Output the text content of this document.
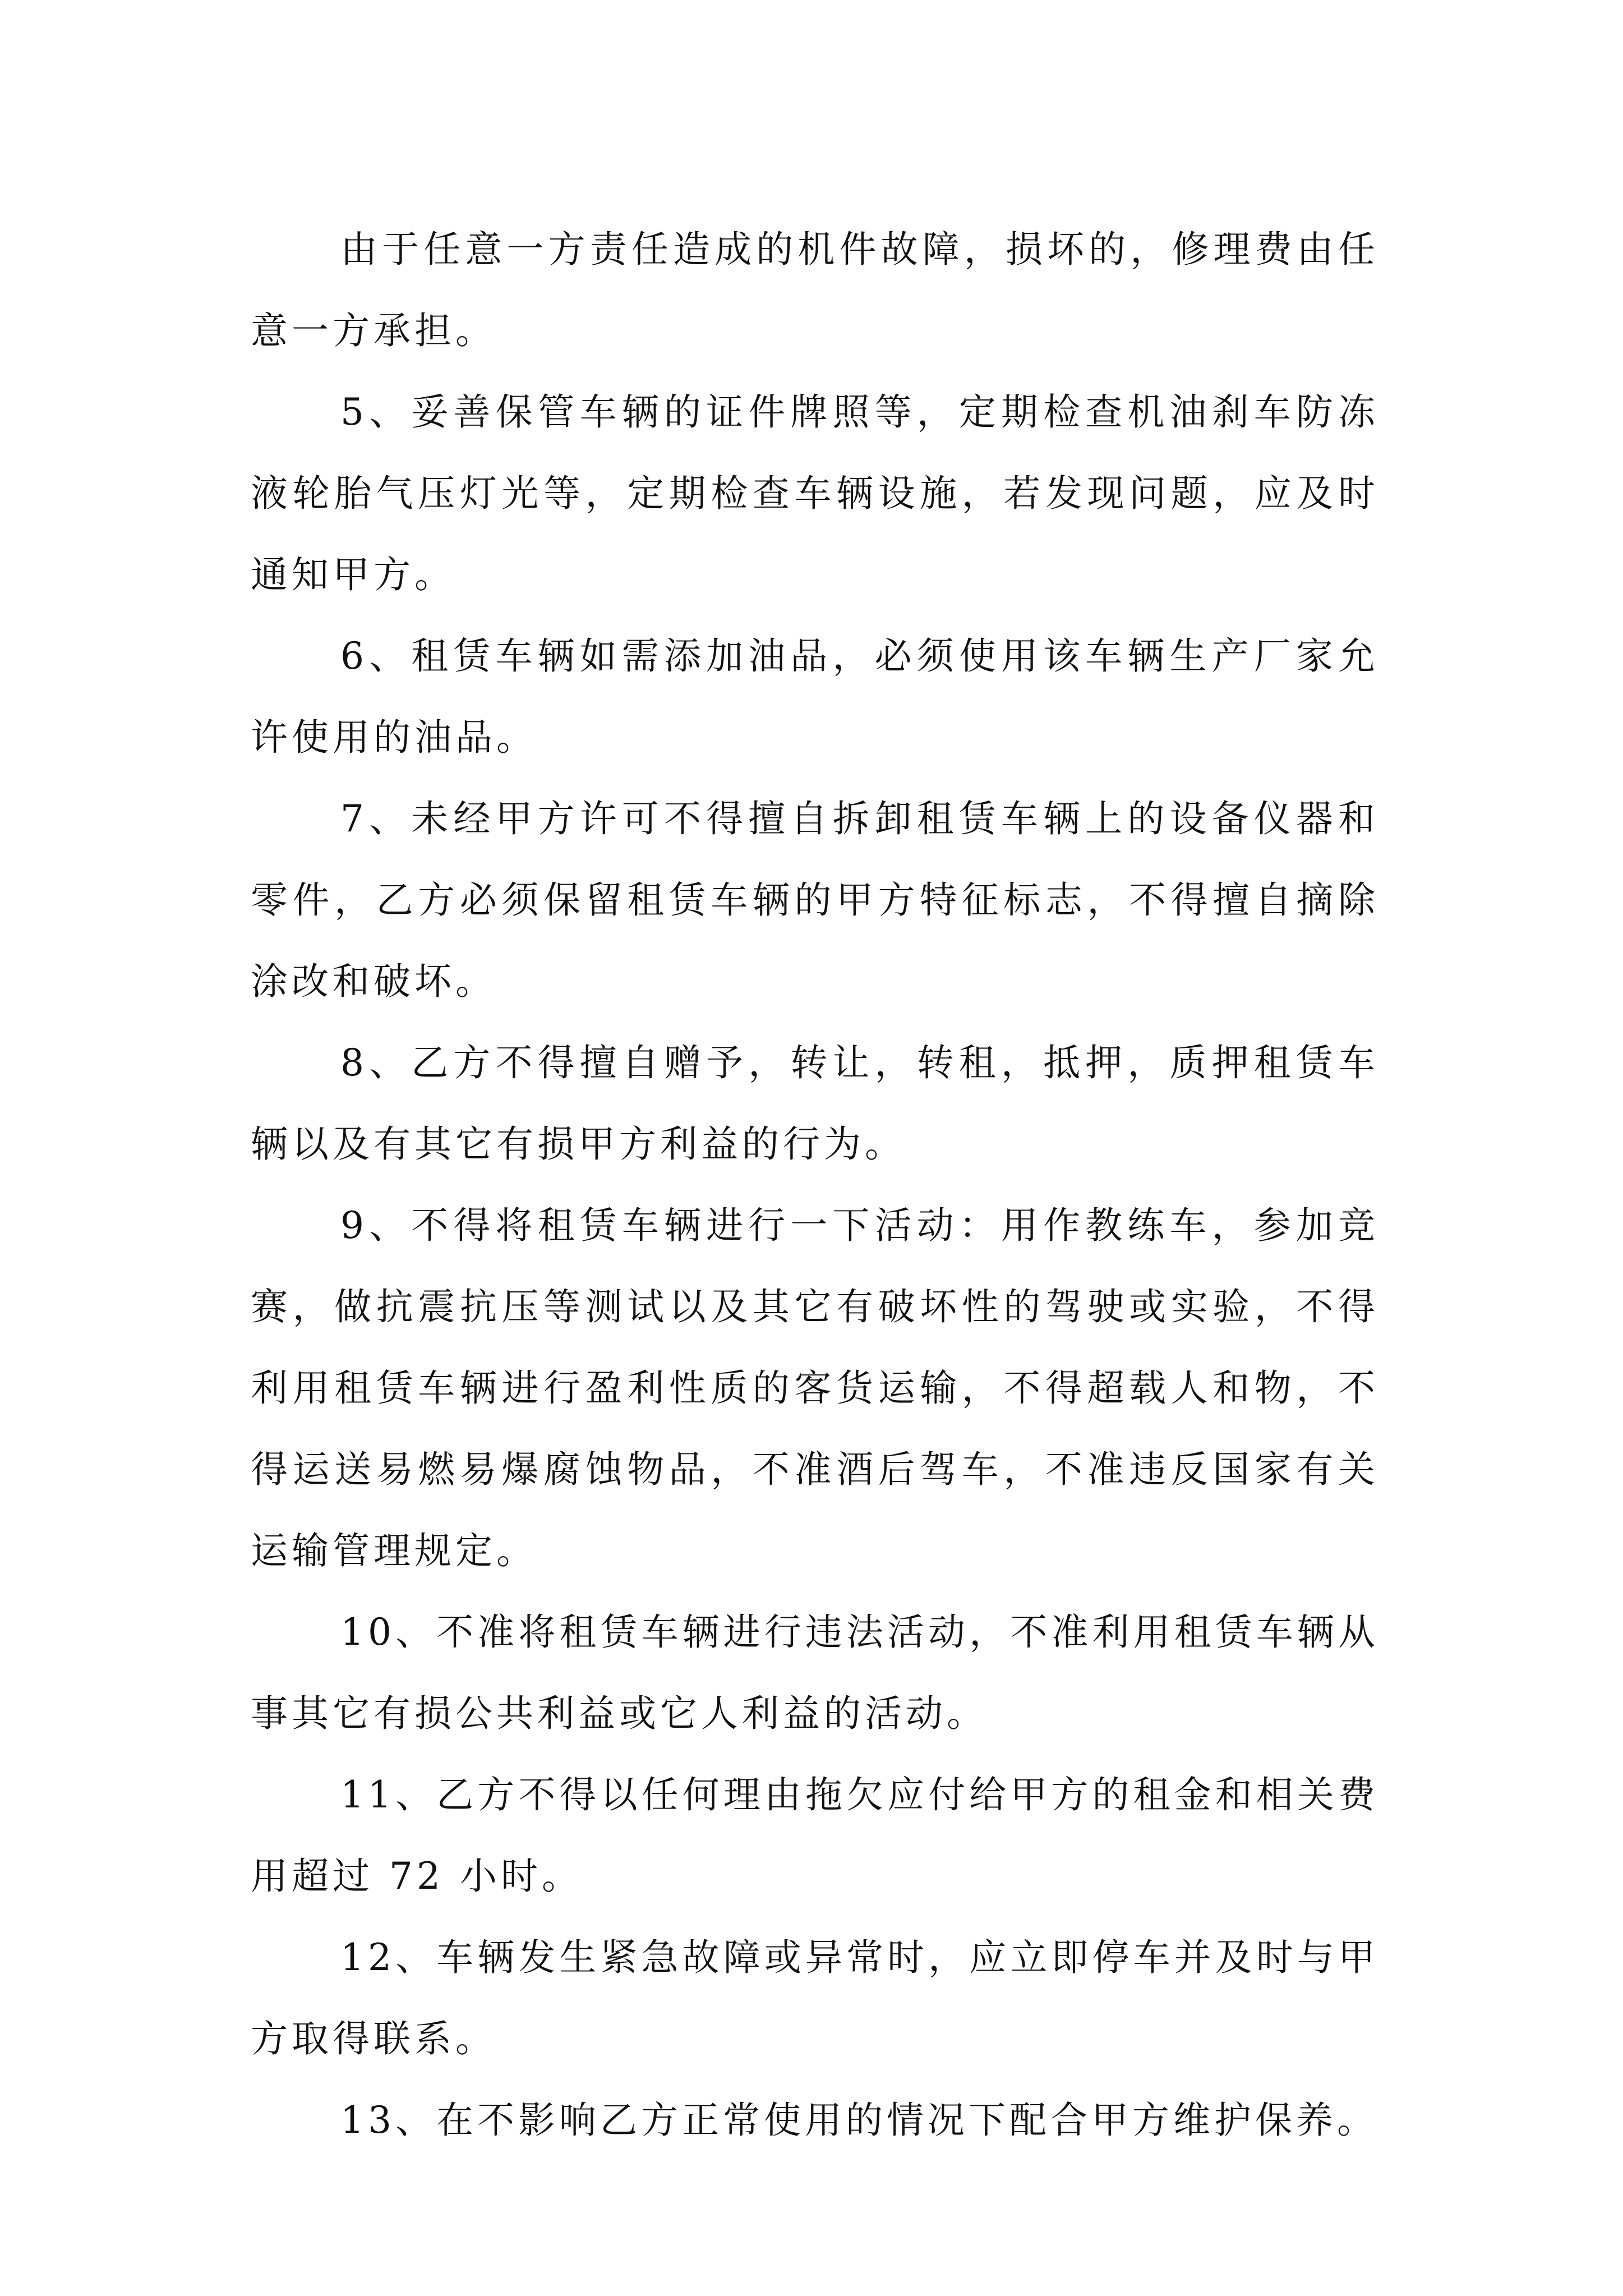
由于任意一方责任造成的机件故障，损坏的，修理费由任意一方承担。

5、妥善保管车辆的证件牌照等，定期检查机油刹车防冻液轮胎气压灯光等，定期检查车辆设施，若发现问题，应及时通知甲方。

6、租赁车辆如需添加油品，必须使用该车辆生产厂家允许使用的油品。

7、未经甲方许可不得擅自拆卸租赁车辆上的设备仪器和零件，乙方必须保留租赁车辆的甲方特征标志，不得擅自摘除涂改和破坏。

8、乙方不得擅自赠予，转让，转租，抵押，质押租赁车辆以及有其它有损甲方利益的行为。

9、不得将租赁车辆进行一下活动：用作教练车，参加竞赛，做抗震抗压等测试以及其它有破坏性的驾驶或实验，不得利用租赁车辆进行盈利性质的客货运输，不得超载人和物，不得运送易燃易爆腐蚀物品，不准酒后驾车，不准违反国家有关运输管理规定。

10、不准将租赁车辆进行违法活动，不准利用租赁车辆从事其它有损公共利益或它人利益的活动。

11、乙方不得以任何理由拖欠应付给甲方的租金和相关费用超过 72 小时。

12、车辆发生紧急故障或异常时，应立即停车并及时与甲方取得联系。

13、在不影响乙方正常使用的情况下配合甲方维护保养。
